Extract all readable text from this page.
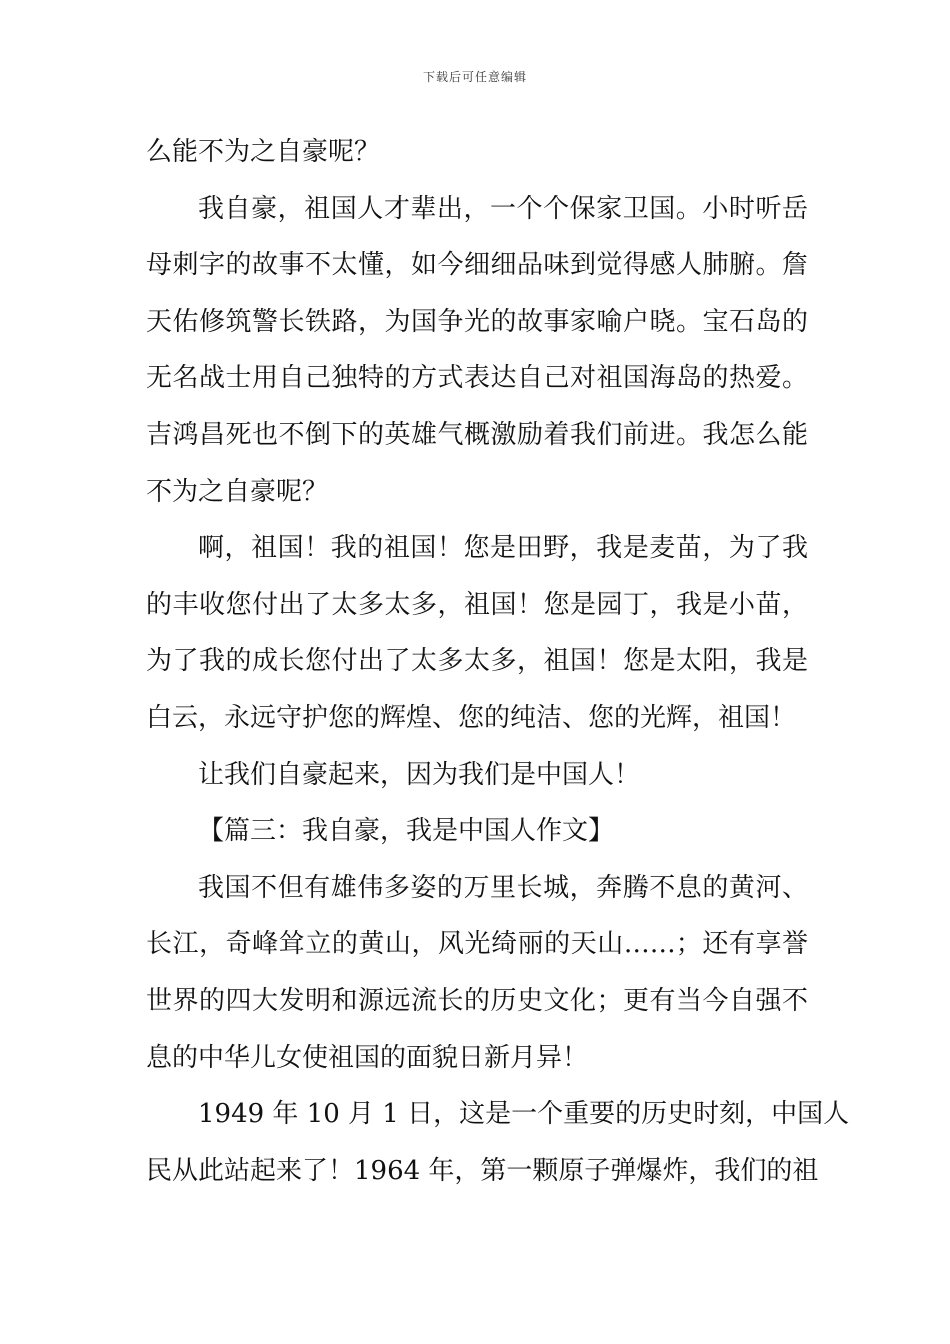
下载后可任意编辑
么能不为之自豪呢？
我自豪，祖国人才辈出，一个个保家卫国。小时听岳
母刺字的故事不太懂，如今细细品味到觉得感人肺腑。詹
天佑修筑警长铁路，为国争光的故事家喻户晓。宝石岛的
无名战士用自己独特的方式表达自己对祖国海岛的热爱。
吉鸿昌死也不倒下的英雄气概激励着我们前进。我怎么能
不为之自豪呢？
啊，祖国！我的祖国！您是田野，我是麦苗，为了我
的丰收您付出了太多太多，祖国！您是园丁，我是小苗，
为了我的成长您付出了太多太多，祖国！您是太阳，我是
白云，永远守护您的辉煌、您的纯洁、您的光辉，祖国！
让我们自豪起来，因为我们是中国人！
【篇三：我自豪，我是中国人作文】
我国不但有雄伟多姿的万里长城，奔腾不息的黄河、
长江，奇峰耸立的黄山，风光绮丽的天山……；还有享誉
世界的四大发明和源远流长的历史文化；更有当今自强不
息的中华儿女使祖国的面貌日新月异！
1949 年 10 月 1 日，这是一个重要的历史时刻，中国人
民从此站起来了！1964 年，第一颗原子弹爆炸，我们的祖
